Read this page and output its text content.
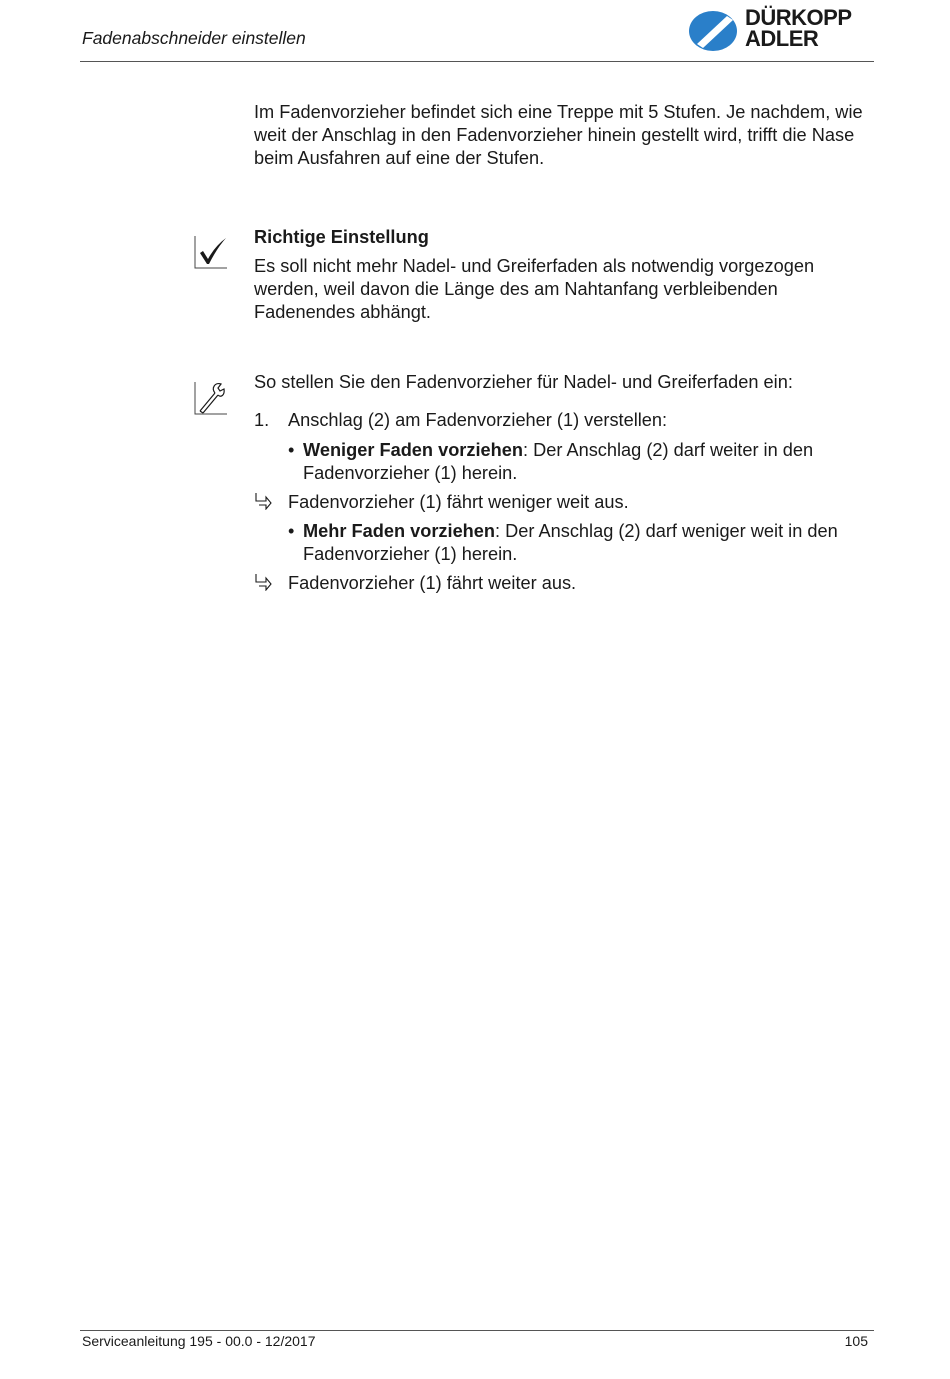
Fadenabschneider einstellen
DÜRKOPP
ADLER

Im Fadenvorzieher befindet sich eine Treppe mit 5 Stufen. Je nachdem, wie weit der Anschlag in den Fadenvorzieher hinein gestellt wird, trifft die Nase beim Ausfahren auf eine der Stufen.

Richtige Einstellung

Es soll nicht mehr Nadel- und Greiferfaden als notwendig vorgezogen werden, weil davon die Länge des am Nahtanfang verbleibenden Fadenendes abhängt.

So stellen Sie den Fadenvorzieher für Nadel- und Greiferfaden ein:

1. Anschlag (2) am Fadenvorzieher (1) verstellen:
• Weniger Faden vorziehen: Der Anschlag (2) darf weiter in den Fadenvorzieher (1) herein.
Fadenvorzieher (1) fährt weniger weit aus.
• Mehr Faden vorziehen: Der Anschlag (2) darf weniger weit in den Fadenvorzieher (1) herein.
Fadenvorzieher (1) fährt weiter aus.
Serviceanleitung 195 - 00.0 - 12/2017	105
